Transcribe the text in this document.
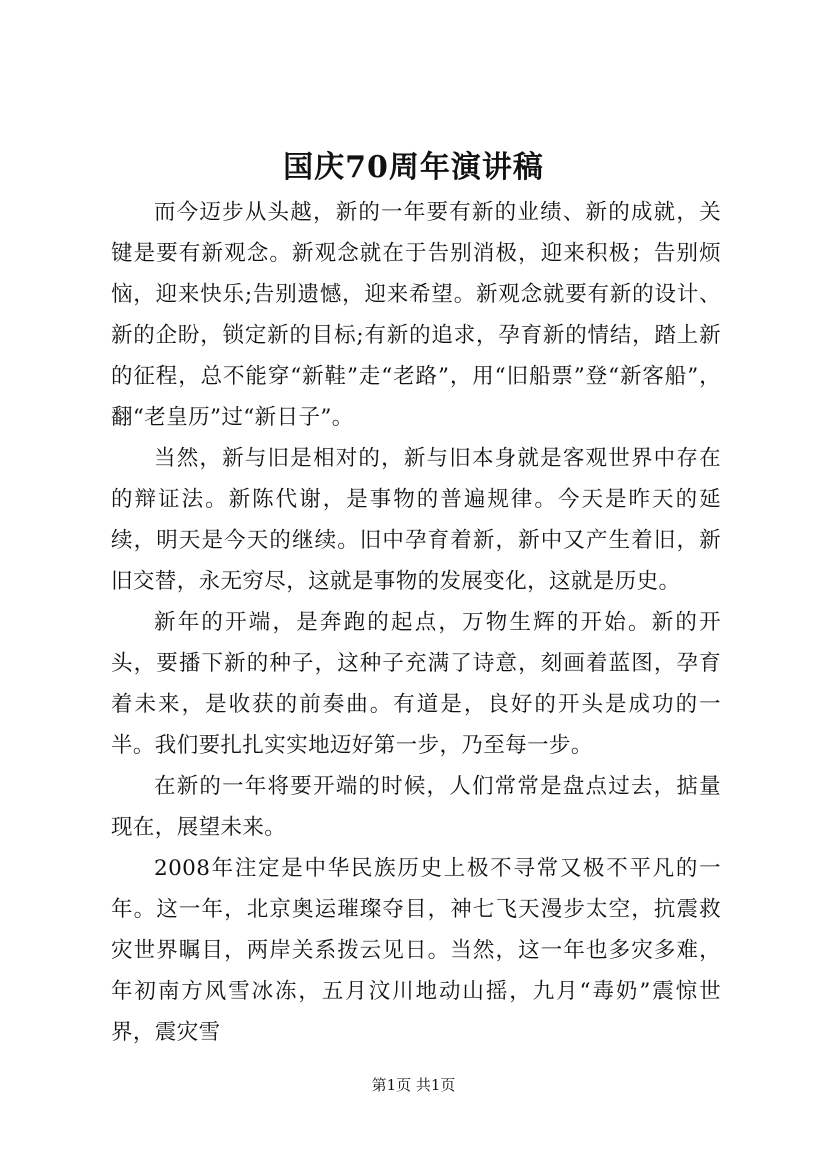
国庆70周年演讲稿

而今迈步从头越，新的一年要有新的业绩、新的成就，关键是要有新观念。新观念就在于告别消极，迎来积极；告别烦恼，迎来快乐;告别遗憾，迎来希望。新观念就要有新的设计、新的企盼，锁定新的目标;有新的追求，孕育新的情结，踏上新的征程，总不能穿“新鞋”走“老路”，用“旧船票”登“新客船”，翻“老皇历”过“新日子”。

当然，新与旧是相对的，新与旧本身就是客观世界中存在的辩证法。新陈代谢，是事物的普遍规律。今天是昨天的延续，明天是今天的继续。旧中孕育着新，新中又产生着旧，新旧交替，永无穷尽，这就是事物的发展变化，这就是历史。

新年的开端，是奔跑的起点，万物生辉的开始。新的开头，要播下新的种子，这种子充满了诗意，刻画着蓝图，孕育着未来，是收获的前奏曲。有道是，良好的开头是成功的一半。我们要扎扎实实地迈好第一步，乃至每一步。

在新的一年将要开端的时候，人们常常是盘点过去，掂量现在，展望未来。

2008年注定是中华民族历史上极不寻常又极不平凡的一年。这一年，北京奥运璀璨夺目，神七飞天漫步太空，抗震救灾世界瞩目，两岸关系拨云见日。当然，这一年也多灾多难，年初南方风雪冰冻，五月汶川地动山摇，九月“毒奶”震惊世界，震灾雪

第1页 共1页
